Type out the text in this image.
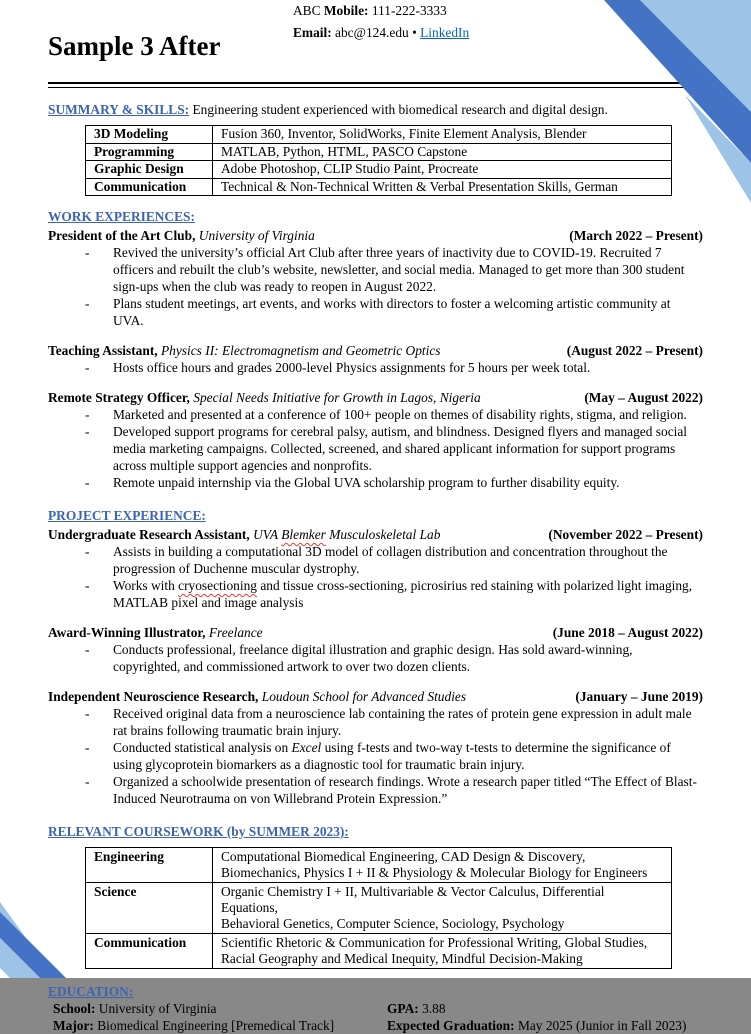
Sample 3 After
ABC Mobile: 111-222-3333
Email: abc@124.edu • LinkedIn
SUMMARY & SKILLS: Engineering student experienced with biomedical research and digital design.
3D Modeling	Fusion 360, Inventor, SolidWorks, Finite Element Analysis, Blender
Programming	MATLAB, Python, HTML, PASCO Capstone
Graphic Design	Adobe Photoshop, CLIP Studio Paint, Procreate
Communication	Technical & Non-Technical Written & Verbal Presentation Skills, German
WORK EXPERIENCES:
President of the Art Club, University of Virginia	(March 2022 – Present)
-	Revived the university’s official Art Club after three years of inactivity due to COVID-19. Recruited 7 officers and rebuilt the club’s website, newsletter, and social media. Managed to get more than 300 student sign-ups when the club was ready to reopen in August 2022.
-	Plans student meetings, art events, and works with directors to foster a welcoming artistic community at UVA.
Teaching Assistant, Physics II: Electromagnetism and Geometric Optics	(August 2022 – Present)
-	Hosts office hours and grades 2000-level Physics assignments for 5 hours per week total.
Remote Strategy Officer, Special Needs Initiative for Growth in Lagos, Nigeria	(May – August 2022)
-	Marketed and presented at a conference of 100+ people on themes of disability rights, stigma, and religion.
-	Developed support programs for cerebral palsy, autism, and blindness. Designed flyers and managed social media marketing campaigns. Collected, screened, and shared applicant information for support programs across multiple support agencies and nonprofits.
-	Remote unpaid internship via the Global UVA scholarship program to further disability equity.
PROJECT EXPERIENCE:
Undergraduate Research Assistant, UVA Blemker Musculoskeletal Lab	(November 2022 – Present)
-	Assists in building a computational 3D model of collagen distribution and concentration throughout the progression of Duchenne muscular dystrophy.
-	Works with cryosectioning and tissue cross-sectioning, picrosirius red staining with polarized light imaging, MATLAB pixel and image analysis
Award-Winning Illustrator, Freelance	(June 2018 – August 2022)
-	Conducts professional, freelance digital illustration and graphic design. Has sold award-winning, copyrighted, and commissioned artwork to over two dozen clients.
Independent Neuroscience Research, Loudoun School for Advanced Studies	(January – June 2019)
-	Received original data from a neuroscience lab containing the rates of protein gene expression in adult male rat brains following traumatic brain injury.
-	Conducted statistical analysis on Excel using f-tests and two-way t-tests to determine the significance of using glycoprotein biomarkers as a diagnostic tool for traumatic brain injury.
-	Organized a schoolwide presentation of research findings. Wrote a research paper titled “The Effect of Blast-Induced Neurotrauma on von Willebrand Protein Expression.”
RELEVANT COURSEWORK (by SUMMER 2023):
Engineering	Computational Biomedical Engineering, CAD Design & Discovery,
Biomechanics, Physics I + II & Physiology & Molecular Biology for Engineers

Science	Organic Chemistry I + II, Multivariable & Vector Calculus, Differential Equations,
Behavioral Genetics, Computer Science, Sociology, Psychology

Communication	Scientific Rhetoric & Communication for Professional Writing, Global Studies,
Racial Geography and Medical Inequity, Mindful Decision-Making
EDUCATION:
School: University of Virginia	GPA: 3.88
Major: Biomedical Engineering [Premedical Track]	Expected Graduation: May 2025 (Junior in Fall 2023)
